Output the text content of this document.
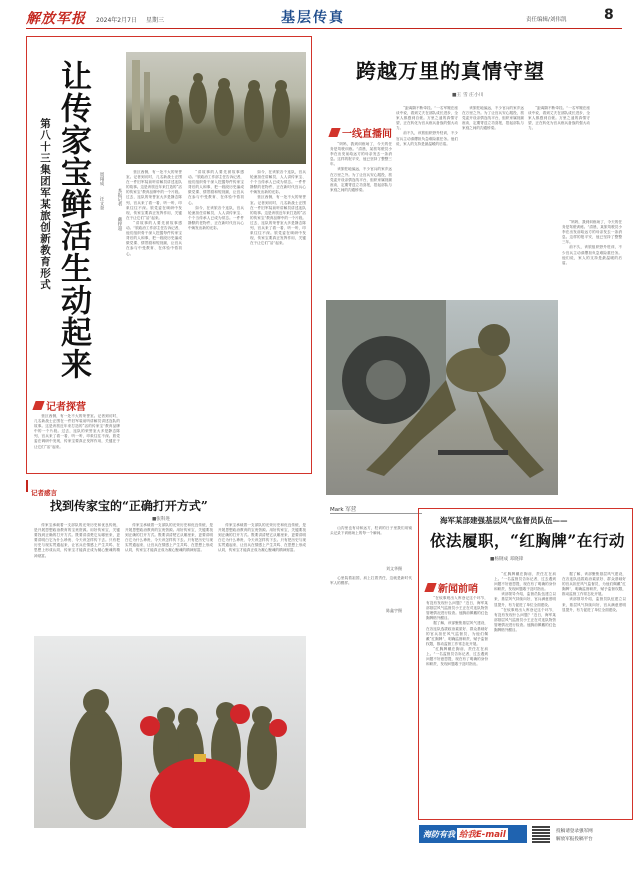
解放军报 2024年2月7日 星期三	基层传真	责任编辑/刘伟凯	8
让传家宝鲜活生动起来
第八十三集团军某旅创新教育形式	周翔成  汪文奎	本报记者  戴梓超

营区西侧，有一处不大的荣誉室。记者到访时，几名新战士正围在一件旧军装前听讲解员讲述连队的故事。这是该旅近年来打造的“活的传家宝”教育品牌中的一个片段。过去，连队的荣誉室大多是静态陈列，官兵来了看一看、听一听，印象往往不深。旅党委在调研中发现，传家宝要真正发挥作用，关键在于让它们“活”起来。

“讲故事的人要先被故事感动。”旅政治工作部主任告诉记者，他们组织骨干深入挖掘每件传家宝背后的人和事，把一段段历史编成微党课、情景剧和短视频，让官兵在参与中受教育、在体验中悟初心。

“讲故事的人要先被故事感动。”旅政治工作部主任告诉记者，他们组织骨干深入挖掘每件传家宝背后的人和事，把一段段历史编成微党课、情景剧和短视频，让官兵在参与中受教育、在体验中悟初心。

如今，在该旅各个连队，官兵轮流担任讲解员，人人讲传家宝、个个当传承人已成为常态。一件件静默的老物件，正在新时代官兵心中焕发出新的光彩。

如今，在该旅各个连队，官兵轮流担任讲解员，人人讲传家宝、个个当传承人已成为常态。一件件静默的老物件，正在新时代官兵心中焕发出新的光彩。

营区西侧，有一处不大的荣誉室。记者到访时，几名新战士正围在一件旧军装前听讲解员讲述连队的故事。这是该旅近年来打造的“活的传家宝”教育品牌中的一个片段。过去，连队的荣誉室大多是静态陈列，官兵来了看一看、听一听，印象往往不深。旅党委在调研中发现，传家宝要真正发挥作用，关键在于让它们“活”起来。

记者探营

营区西侧，有一处不大的荣誉室。记者到访时，几名新战士正围在一件旧军装前听讲解员讲述连队的故事。这是该旅近年来打造的“活的传家宝”教育品牌中的一个片段。过去，连队的荣誉室大多是静态陈列，官兵来了看一看、听一听，印象往往不深。旅党委在调研中发现，传家宝要真正发挥作用，关键在于让它们“活”起来。

记者感言
找到传家宝的“正确打开方式”
■张科进

传家宝承载着一支部队的光荣历史和优良传统，是开展思想政治教育的宝贵资源。用好传家宝，关键要找到正确的打开方式。既要讲清楚它从哪里来，更要讲明白它为什么珍贵、今天该怎样传下去。只有把历史与现实贯通起来，让官兵在情感上产生共鸣、在思想上形成认同，传家宝才能真正成为凝心聚魂的精神财富。

传家宝承载着一支部队的光荣历史和优良传统，是开展思想政治教育的宝贵资源。用好传家宝，关键要找到正确的打开方式。既要讲清楚它从哪里来，更要讲明白它为什么珍贵、今天该怎样传下去。只有把历史与现实贯通起来，让官兵在情感上产生共鸣、在思想上形成认同，传家宝才能真正成为凝心聚魂的精神财富。

传家宝承载着一支部队的光荣历史和优良传统，是开展思想政治教育的宝贵资源。用好传家宝，关键要找到正确的打开方式。既要讲清楚它从哪里来，更要讲明白它为什么珍贵、今天该怎样传下去。只有把历史与现实贯通起来，让官兵在情感上产生共鸣、在思想上形成认同，传家宝才能真正成为凝心聚魂的精神财富。

跨越万里的真情守望
■王 雪 庄小川
一线直播间

“妈妈，我到训练场了，今天的任务是驾驶训练。”清晨，某旅驾驶员小李在出发前给远方的母亲发去一条消息。这样的报平安，他已坚持了整整三年。

该旅驻地偏远，不少官兵的家乡远在万里之外。为了让官兵安心服役，旅党委开设亲情连线平台，组织家属视频座谈，定期寄送立功喜报，搭起部队与家庭之间的沟通桥梁。

“距离隔不断牵挂。”一名军嫂在座谈中说，看到丈夫在部队成长进步，全家人都感到自豪。万里之遥的真情守望，正在转化为官兵练兵备战的强大动力。

前不久，该旅组织野外驻训，不少官兵主动请缨担负急难险重任务。他们说，家人的支持是最温暖的后盾。

该旅驻地偏远，不少官兵的家乡远在万里之外。为了让官兵安心服役，旅党委开设亲情连线平台，组织家属视频座谈，定期寄送立功喜报，搭起部队与家庭之间的沟通桥梁。

“距离隔不断牵挂。”一名军嫂在座谈中说，看到丈夫在部队成长进步，全家人都感到自豪。万里之遥的真情守望，正在转化为官兵练兵备战的强大动力。

“妈妈，我到训练场了，今天的任务是驾驶训练。”清晨，某旅驾驶员小李在出发前给远方的母亲发去一条消息。这样的报平安，他已坚持了整整三年。

前不久，该旅组织野外驻训，不少官兵主动请缨担负急难险重任务。他们说，家人的支持是最温暖的后盾。

Mark 军营

山沟里也有诗和远方，驻训的日子里我们用镜头记录下训练场上的每一个瞬间。

刘文华摄

心里装着祖国，肩上扛着责任，这就是新时代军人的模样。

陈鑫宇摄
海军某部建强基层风气监督员队伍——
依法履职，“红胸牌”在行动
■杨钢成 邓晓锋
新闻前哨

“在炊事班出入库登记这个环节，有没有发现什么问题？”近日，海军某部基层风气监督员小王正在对连队物资管理情况进行检查。他胸前佩戴的红色胸牌格外醒目。

据了解，该部聚焦基层风气建设，在各连队选拔政治素质好、群众基础好的官兵担任风气监督员，为他们佩戴“红胸牌”，明确监督职责，赋予监督权限，推动监督工作常态化开展。

“红胸牌戴在胸前，责任扛在肩上。”一名监督员告诉记者，过去遇到问题不好意思提，现在有了明确的身份和职责，发现问题敢于及时指出。

“红胸牌戴在胸前，责任扛在肩上。”一名监督员告诉记者，过去遇到问题不好意思提，现在有了明确的身份和职责，发现问题敢于及时指出。

该部领导介绍，监督员队伍建立以来，基层风气持续向好，官兵满意度明显提升，有力促进了单位全面建设。

“在炊事班出入库登记这个环节，有没有发现什么问题？”近日，海军某部基层风气监督员小王正在对连队物资管理情况进行检查。他胸前佩戴的红色胸牌格外醒目。

据了解，该部聚焦基层风气建设，在各连队选拔政治素质好、群众基础好的官兵担任风气监督员，为他们佩戴“红胸牌”，明确监督职责，赋予监督权限，推动监督工作常态化开展。

该部领导介绍，监督员队伍建立以来，基层风气持续向好，官兵满意度明显提升，有力促进了单位全面建设。

海防有我 给我E-mail	投稿请登录强军网
解放军报投稿平台
